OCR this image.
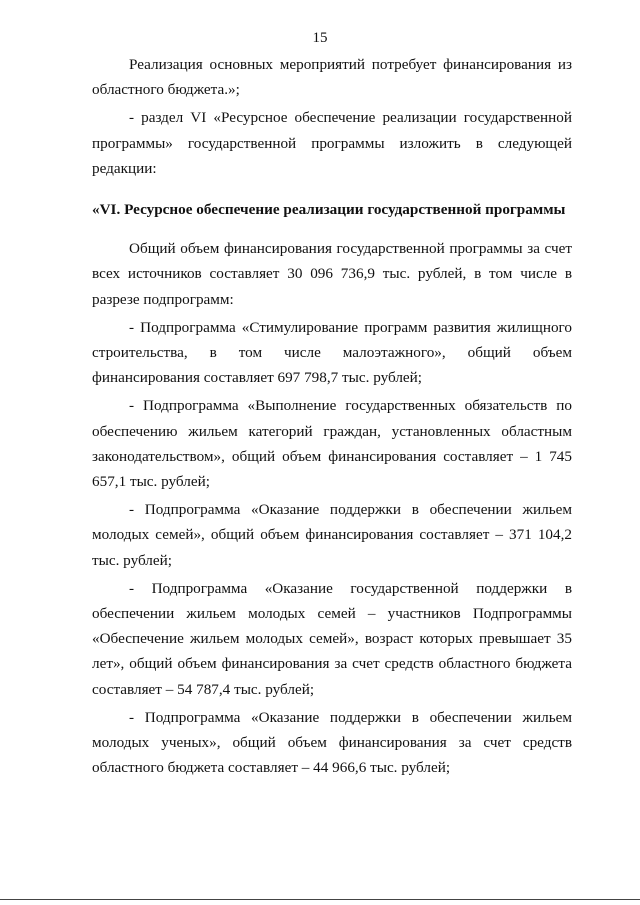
15

Реализация основных мероприятий потребует финансирования из областного бюджета.»;

- раздел VI «Ресурсное обеспечение реализации государственной программы» государственной программы изложить в следующей редакции:

«VI. Ресурсное обеспечение реализации государственной программы

Общий объем финансирования государственной программы за счет всех источников составляет 30 096 736,9 тыс. рублей, в том числе в разрезе подпрограмм:

- Подпрограмма «Стимулирование программ развития жилищного строительства, в том числе малоэтажного», общий объем финансирования составляет 697 798,7 тыс. рублей;

- Подпрограмма «Выполнение государственных обязательств по обеспечению жильем категорий граждан, установленных областным законодательством», общий объем финансирования составляет – 1 745 657,1 тыс. рублей;

- Подпрограмма «Оказание поддержки в обеспечении жильем молодых семей», общий объем финансирования составляет – 371 104,2 тыс. рублей;

- Подпрограмма «Оказание государственной поддержки в обеспечении жильем молодых семей – участников Подпрограммы «Обеспечение жильем молодых семей», возраст которых превышает 35 лет», общий объем финансирования за счет средств областного бюджета составляет – 54 787,4 тыс. рублей;

- Подпрограмма «Оказание поддержки в обеспечении жильем молодых ученых», общий объем финансирования за счет средств областного бюджета составляет – 44 966,6 тыс. рублей;
